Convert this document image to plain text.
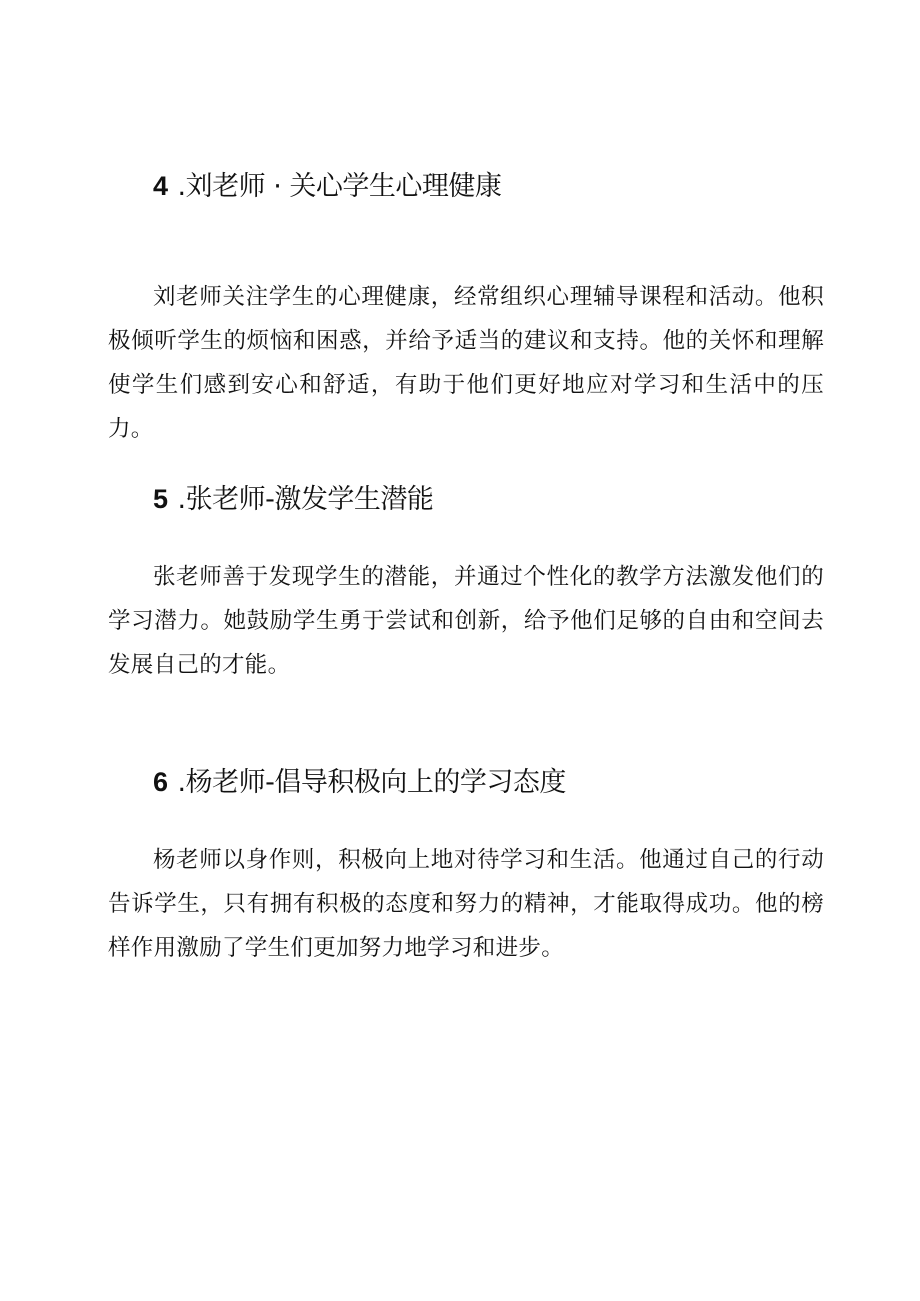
4 .刘老师 · 关心学生心理健康

刘老师关注学生的心理健康，经常组织心理辅导课程和活动。他积极倾听学生的烦恼和困惑，并给予适当的建议和支持。他的关怀和理解使学生们感到安心和舒适，有助于他们更好地应对学习和生活中的压力。

5 .张老师-激发学生潜能

张老师善于发现学生的潜能，并通过个性化的教学方法激发他们的学习潜力。她鼓励学生勇于尝试和创新，给予他们足够的自由和空间去发展自己的才能。

6 .杨老师-倡导积极向上的学习态度

杨老师以身作则，积极向上地对待学习和生活。他通过自己的行动告诉学生，只有拥有积极的态度和努力的精神，才能取得成功。他的榜样作用激励了学生们更加努力地学习和进步。
